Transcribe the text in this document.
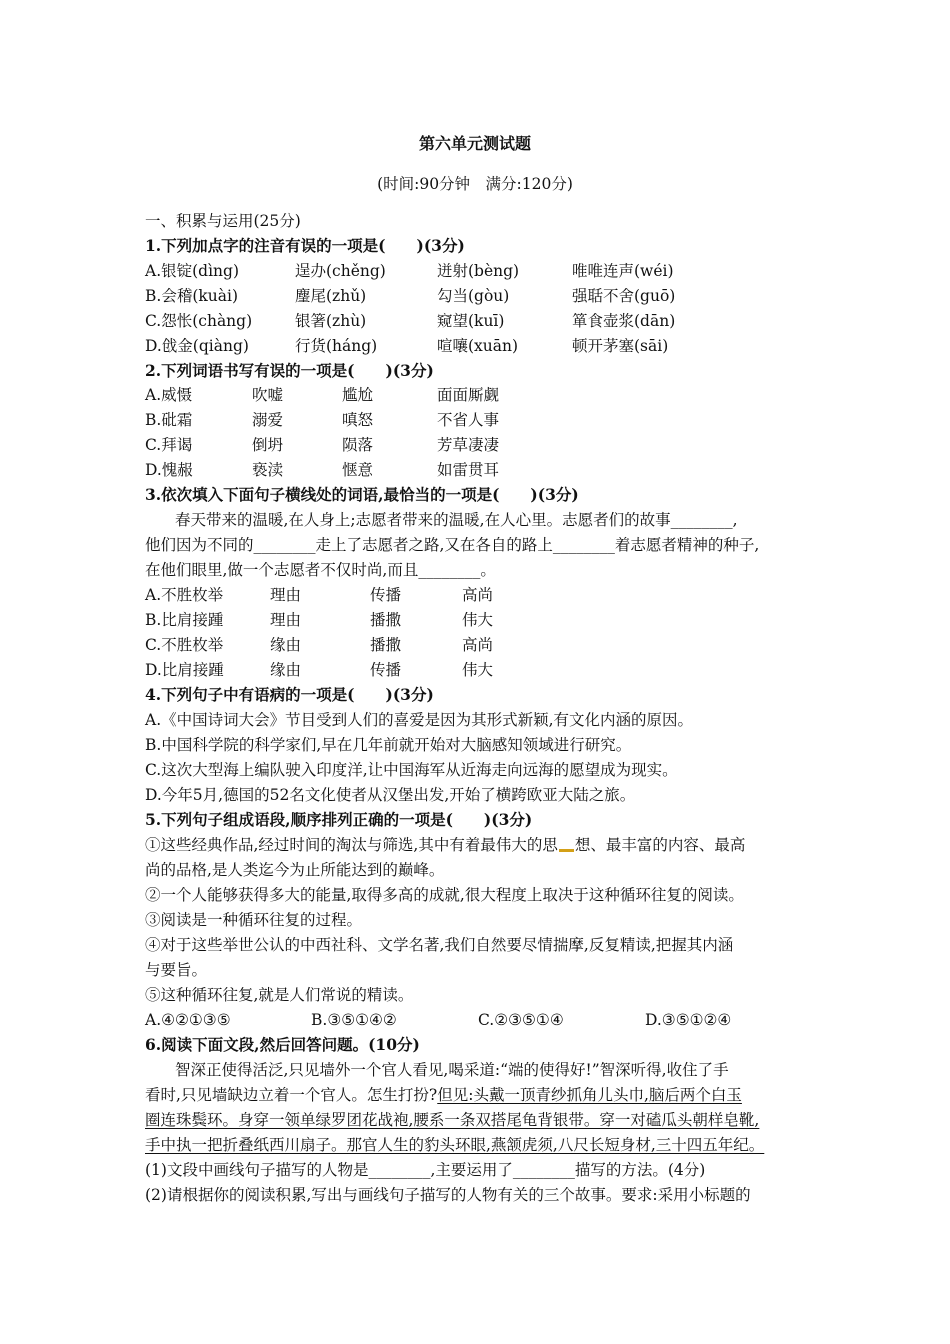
第六单元测试题
(时间:90分钟　满分:120分)
一、积累与运用(25分)
1.下列加点字的注音有误的一项是(　　)(3分)
A.银锭(dìng)	逞办(chěng)	迸射(bèng)	唯唯连声(wéi)
B.会稽(kuài)	麈尾(zhǔ)	勾当(gòu)	强聒不舍(guō)
C.怨怅(chàng)	银箸(zhù)	窥望(kuī)	箪食壶浆(dān)
D.戗金(qiàng)	行货(háng)	喧嚷(xuān)	顿开茅塞(sāi)
2.下列词语书写有误的一项是(　　)(3分)
A.威慑	吹嘘	尴尬	面面厮觑
B.砒霜	溺爱	嗔怒	不省人事
C.拜谒	倒坍	陨落	芳草凄凄
D.愧赧	亵渎	惬意	如雷贯耳
3.依次填入下面句子横线处的词语,最恰当的一项是(　　)(3分)
春天带来的温暖,在人身上;志愿者带来的温暖,在人心里。志愿者们的故事________,
他们因为不同的________走上了志愿者之路,又在各自的路上________着志愿者精神的种子,
在他们眼里,做一个志愿者不仅时尚,而且________。
A.不胜枚举	理由	传播	高尚
B.比肩接踵	理由	播撒	伟大
C.不胜枚举	缘由	播撒	高尚
D.比肩接踵	缘由	传播	伟大
4.下列句子中有语病的一项是(　　)(3分)
A.《中国诗词大会》节目受到人们的喜爱是因为其形式新颖,有文化内涵的原因。
B.中国科学院的科学家们,早在几年前就开始对大脑感知领域进行研究。
C.这次大型海上编队驶入印度洋,让中国海军从近海走向远海的愿望成为现实。
D.今年5月,德国的52名文化使者从汉堡出发,开始了横跨欧亚大陆之旅。
5.下列句子组成语段,顺序排列正确的一项是(　　)(3分)
①这些经典作品,经过时间的淘汰与筛选,其中有着最伟大的思 想、最丰富的内容、最高
尚的品格,是人类迄今为止所能达到的巅峰。
②一个人能够获得多大的能量,取得多高的成就,很大程度上取决于这种循环往复的阅读。
③阅读是一种循环往复的过程。
④对于这些举世公认的中西社科、文学名著,我们自然要尽情揣摩,反复精读,把握其内涵
与要旨。
⑤这种循环往复,就是人们常说的精读。
A.④②①③⑤	B.③⑤①④②	C.②③⑤①④	D.③⑤①②④
6.阅读下面文段,然后回答问题。(10分)
智深正使得活泛,只见墙外一个官人看见,喝采道:“端的使得好!”智深听得,收住了手
看时,只见墙缺边立着一个官人。怎生打扮?但见:头戴一顶青纱抓角儿头巾,脑后两个白玉
圈连珠鬓环。身穿一领单绿罗团花战袍,腰系一条双搭尾龟背银带。穿一对磕瓜头朝样皂靴,
手中执一把折叠纸西川扇子。那官人生的豹头环眼,燕颔虎须,八尺长短身材,三十四五年纪。
(1)文段中画线句子描写的人物是________,主要运用了________描写的方法。(4分)
(2)请根据你的阅读积累,写出与画线句子描写的人物有关的三个故事。要求:采用小标题的
